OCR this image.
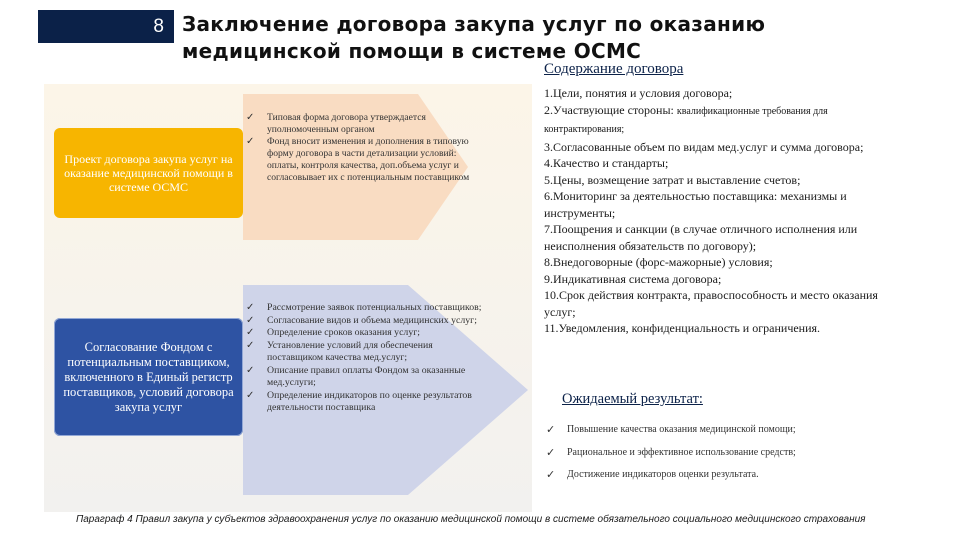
8 Заключение договора закупа услуг по оказанию медицинской помощи в системе ОСМС
Проект договора закупа услуг на оказание медицинской помощи в системе ОСМС
✓ Типовая форма договора утверждается уполномоченным органом
✓ Фонд вносит изменения и дополнения в типовую форму договора в части детализации условий: оплаты, контроля качества, доп.объема услуг и согласовывает их с потенциальным поставщиком
Согласование Фондом с потенциальным поставщиком, включенного в Единый регистр поставщиков, условий договора закупа услуг
✓ Рассмотрение заявок потенциальных поставщиков;
✓ Согласование видов и объема медицинских услуг;
✓ Определение сроков оказания услуг;
✓ Установление условий для обеспечения поставщиком качества мед.услуг;
✓ Описание правил оплаты Фондом за оказанные мед.услуги;
✓ Определение индикаторов по оценке результатов деятельности поставщика
Содержание договора
1.Цели, понятия и условия договора;
2.Участвующие стороны: квалификационные требования для контрактирования;
3.Согласованные объем по видам мед.услуг и сумма договора;
4.Качество и стандарты;
5.Цены, возмещение затрат и выставление счетов;
6.Мониторинг за деятельностью поставщика: механизмы и инструменты;
7.Поощрения и санкции (в случае отличного исполнения или неисполнения обязательств по договору);
8.Внедоговорные (форс-мажорные) условия;
9.Индикативная система договора;
10.Срок действия контракта, правоспособность и место оказания услуг;
11.Уведомления, конфиденциальность и ограничения.
Ожидаемый результат:
✓ Повышение качества оказания медицинской помощи;
✓ Рациональное и эффективное использование средств;
✓ Достижение индикаторов оценки результата.

Параграф 4 Правил закупа у субъектов здравоохранения услуг по оказанию медицинской помощи в системе обязательного социального медицинского страхования
